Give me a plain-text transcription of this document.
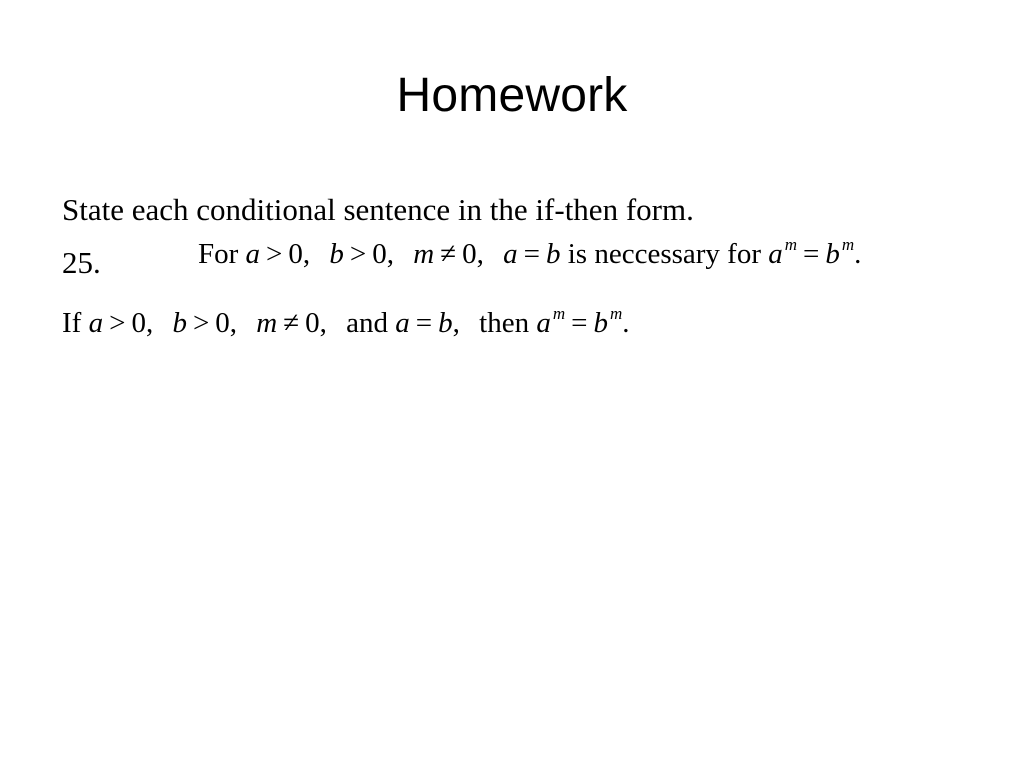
Homework
State each conditional sentence in the if-then form.
25.	For a > 0, b > 0, m ≠ 0, a = b is neccessary for a $^m$ = b $^m$.
If a > 0, b > 0, m ≠ 0, and a = b, then a $^m$ = b $^m$.
